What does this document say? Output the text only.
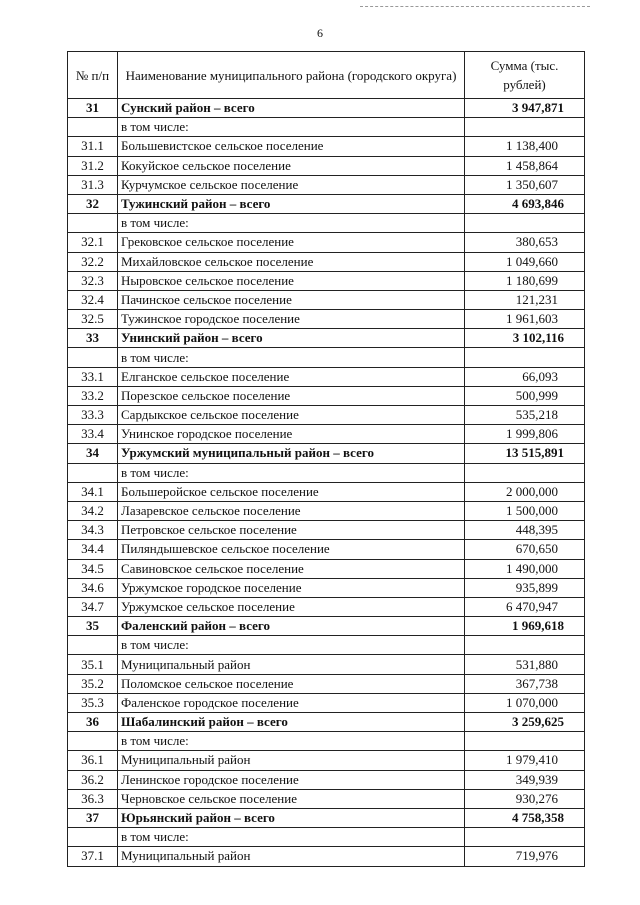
6
№ п/п	Наименование муниципального района (городского округа)	Сумма (тыс. рублей)
31	Сунский район – всего	3 947,871
	в том числе:	
31.1	Большевистское сельское поселение	1 138,400
31.2	Кокуйское сельское поселение	1 458,864
31.3	Курчумское сельское поселение	1 350,607
32	Тужинский район – всего	4 693,846
	в том числе:	
32.1	Грековское сельское поселение	380,653
32.2	Михайловское сельское поселение	1 049,660
32.3	Ныровское сельское поселение	1 180,699
32.4	Пачинское сельское поселение	121,231
32.5	Тужинское городское поселение	1 961,603
33	Унинский район – всего	3 102,116
	в том числе:	
33.1	Елганское сельское поселение	66,093
33.2	Порезское сельское поселение	500,999
33.3	Сардыкское сельское поселение	535,218
33.4	Унинское городское поселение	1 999,806
34	Уржумский муниципальный район – всего	13 515,891
	в том числе:	
34.1	Большеройское сельское поселение	2 000,000
34.2	Лазаревское сельское поселение	1 500,000
34.3	Петровское сельское поселение	448,395
34.4	Пиляндышевское сельское поселение	670,650
34.5	Савиновское сельское поселение	1 490,000
34.6	Уржумское городское поселение	935,899
34.7	Уржумское сельское поселение	6 470,947
35	Фаленский район – всего	1 969,618
	в том числе:	
35.1	Муниципальный район	531,880
35.2	Поломское сельское поселение	367,738
35.3	Фаленское городское поселение	1 070,000
36	Шабалинский район – всего	3 259,625
	в том числе:	
36.1	Муниципальный район	1 979,410
36.2	Ленинское городское поселение	349,939
36.3	Черновское сельское поселение	930,276
37	Юрьянский район – всего	4 758,358
	в том числе:	
37.1	Муниципальный район	719,976
